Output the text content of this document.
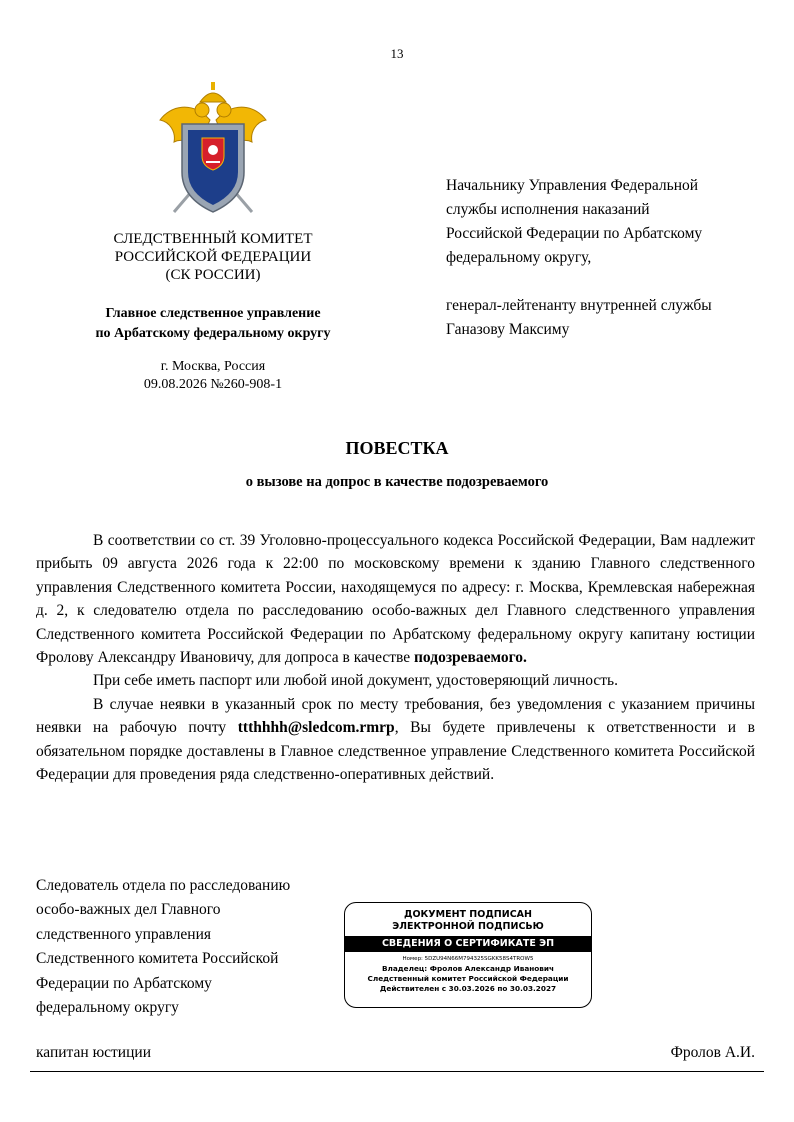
13
СЛЕДСТВЕННЫЙ КОМИТЕТ
РОССИЙСКОЙ ФЕДЕРАЦИИ
(СК РОССИИ)
Главное следственное управление
по Арбатскому федеральному округу
г. Москва, Россия
09.08.2026 №260-908-1
Начальнику Управления Федеральной
службы исполнения наказаний
Российской Федерации по Арбатскому
федеральному округу,
генерал-лейтенанту внутренней службы
Ганазову Максиму
ПОВЕСТКА
о вызове на допрос в качестве подозреваемого

В соответствии со ст. 39 Уголовно-процессуального кодекса Российской Федерации, Вам надлежит прибыть 09 августа 2026 года к 22:00 по московскому времени к зданию Главного следственного управления Следственного комитета России, находящемуся по адресу: г. Москва, Кремлевская набережная д. 2, к следователю отдела по расследованию особо-важных дел Главного следственного управления Следственного комитета Российской Федерации по Арбатскому федеральному округу капитану юстиции Фролову Александру Ивановичу, для допроса в качестве подозреваемого.

При себе иметь паспорт или любой иной документ, удостоверяющий личность.

В случае неявки в указанный срок по месту требования, без уведомления с указанием причины неявки на рабочую почту ttthhhh@sledcom.rmrp, Вы будете привлечены к ответственности и в обязательном порядке доставлены в Главное следственное управление Следственного комитета Российской Федерации для проведения ряда следственно-оперативных действий.

Следователь отдела по расследованию
особо-важных дел Главного
следственного управления
Следственного комитета Российской
Федерации по Арбатскому
федеральному округу
ДОКУМЕНТ ПОДПИСАН
ЭЛЕКТРОННОЙ ПОДПИСЬЮ
СВЕДЕНИЯ О СЕРТИФИКАТЕ ЭП
Номер: 5DZU94N66M794325SGKK58S4TROW5
Владелец: Фролов Александр Иванович
Следственный комитет Российской Федерации
Действителен с 30.03.2026 по 30.03.2027
капитан юстиции	Фролов А.И.
